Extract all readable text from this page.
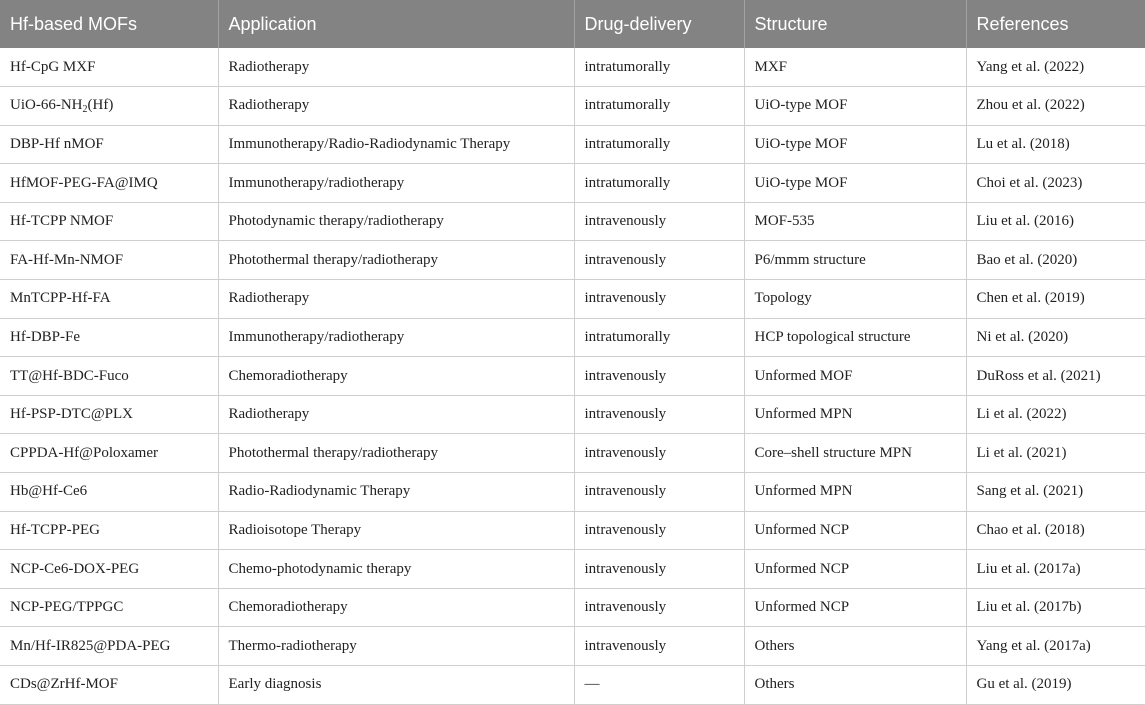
Hf-based MOFs	Application	Drug-delivery	Structure	References
Hf-CpG MXF	Radiotherapy	intratumorally	MXF	Yang et al. (2022)
UiO-$66-NH_2(Hf)$	Radiotherapy	intratumorally	UiO-type MOF	Zhou et al. (2022)
DBP-Hf nMOF	Immunotherapy/Radio-Radiodynamic Therapy	intratumorally	UiO-type MOF	Lu et al. (2018)
HfMOF-PEG-FA@IMQ	Immunotherapy/radiotherapy	intratumorally	UiO-type MOF	Choi et al. (2023)
Hf-TCPP NMOF	Photodynamic therapy/radiotherapy	intravenously	MOF-535	Liu et al. (2016)
FA-Hf-Mn-NMOF	Photothermal therapy/radiotherapy	intravenously	P6/mmm structure	Bao et al. (2020)
MnTCPP-Hf-FA	Radiotherapy	intravenously	Topology	Chen et al. (2019)
Hf-DBP-Fe	Immunotherapy/radiotherapy	intratumorally	HCP topological structure	Ni et al. (2020)
TT@Hf-BDC-Fuco	Chemoradiotherapy	intravenously	Unformed MOF	DuRoss et al. (2021)
Hf-PSP-DTC@PLX	Radiotherapy	intravenously	Unformed MPN	Li et al. (2022)
CPPDA-Hf@Poloxamer	Photothermal therapy/radiotherapy	intravenously	Core–shell structure MPN	Li et al. (2021)
Hb@Hf-Ce6	Radio-Radiodynamic Therapy	intravenously	Unformed MPN	Sang et al. (2021)
Hf-TCPP-PEG	Radioisotope Therapy	intravenously	Unformed NCP	Chao et al. (2018)
NCP-Ce6-DOX-PEG	Chemo-photodynamic therapy	intravenously	Unformed NCP	Liu et al. (2017a)
NCP-PEG/TPPGC	Chemoradiotherapy	intravenously	Unformed NCP	Liu et al. (2017b)
Mn/Hf-IR825@PDA-PEG	Thermo-radiotherapy	intravenously	Others	Yang et al. (2017a)
CDs@ZrHf-MOF	Early diagnosis	—	Others	Gu et al. (2019)
